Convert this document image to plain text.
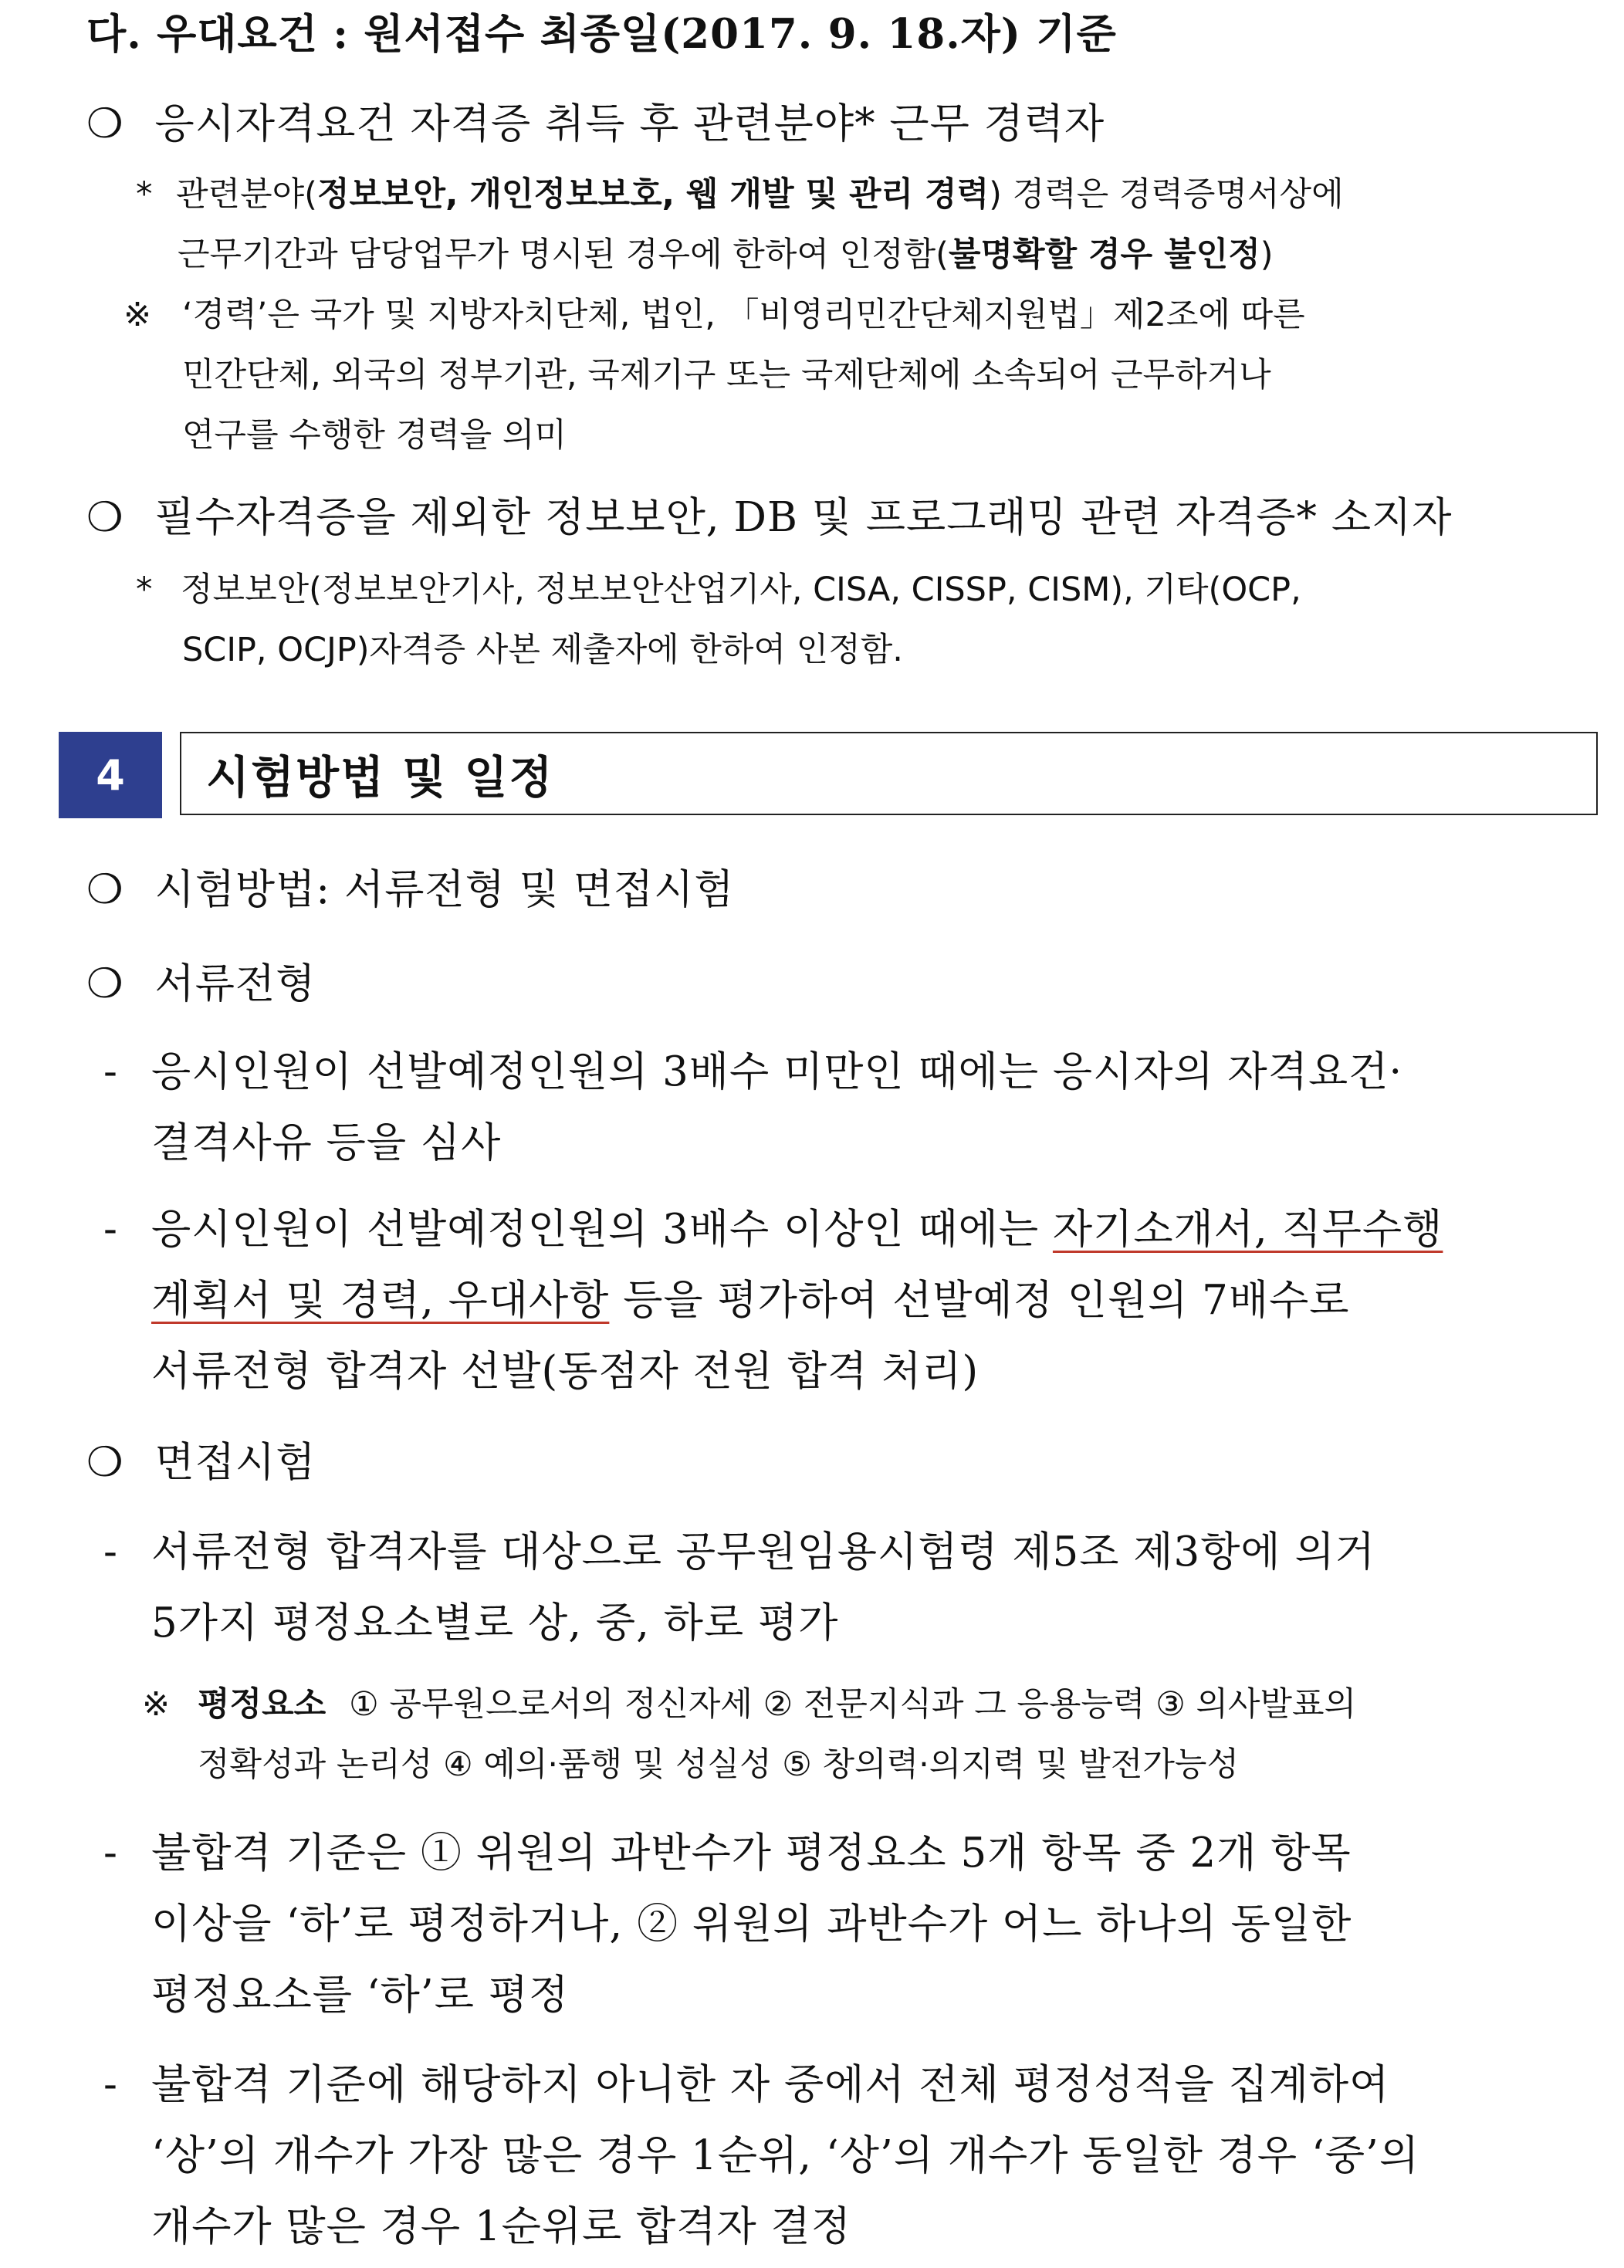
다. 우대요건 : 원서접수 최종일(2017. 9. 18.자) 기준
❍ 응시자격요건 자격증 취득 후 관련분야* 근무 경력자
* 관련분야(정보보안, 개인정보보호, 웹 개발 및 관리 경력) 경력은 경력증명서상에
근무기간과 담당업무가 명시된 경우에 한하여 인정함(불명확할 경우 불인정)
※ ‘경력’은 국가 및 지방자치단체, 법인, 「비영리민간단체지원법」제2조에 따른
민간단체, 외국의 정부기관, 국제기구 또는 국제단체에 소속되어 근무하거나
연구를 수행한 경력을 의미
❍ 필수자격증을 제외한 정보보안, DB 및 프로그래밍 관련 자격증* 소지자
* 정보보안(정보보안기사, 정보보안산업기사, CISA, CISSP, CISM), 기타(OCP,
SCIP, OCJP)자격증 사본 제출자에 한하여 인정함.
4	시험방법 및 일정
❍ 시험방법: 서류전형 및 면접시험
❍ 서류전형
- 응시인원이 선발예정인원의 3배수 미만인 때에는 응시자의 자격요건·
결격사유 등을 심사
- 응시인원이 선발예정인원의 3배수 이상인 때에는 자기소개서, 직무수행
계획서 및 경력, 우대사항 등을 평가하여 선발예정 인원의 7배수로
서류전형 합격자 선발(동점자 전원 합격 처리)
❍ 면접시험
- 서류전형 합격자를 대상으로 공무원임용시험령 제5조 제3항에 의거
5가지 평정요소별로 상, 중, 하로 평가
※ 평정요소 ① 공무원으로서의 정신자세 ② 전문지식과 그 응용능력 ③ 의사발표의
정확성과 논리성 ④ 예의·품행 및 성실성 ⑤ 창의력·의지력 및 발전가능성
- 불합격 기준은 ① 위원의 과반수가 평정요소 5개 항목 중 2개 항목
이상을 ‘하’로 평정하거나, ② 위원의 과반수가 어느 하나의 동일한
평정요소를 ‘하’로 평정
- 불합격 기준에 해당하지 아니한 자 중에서 전체 평정성적을 집계하여
‘상’의 개수가 가장 많은 경우 1순위, ‘상’의 개수가 동일한 경우 ‘중’의
개수가 많은 경우 1순위로 합격자 결정
